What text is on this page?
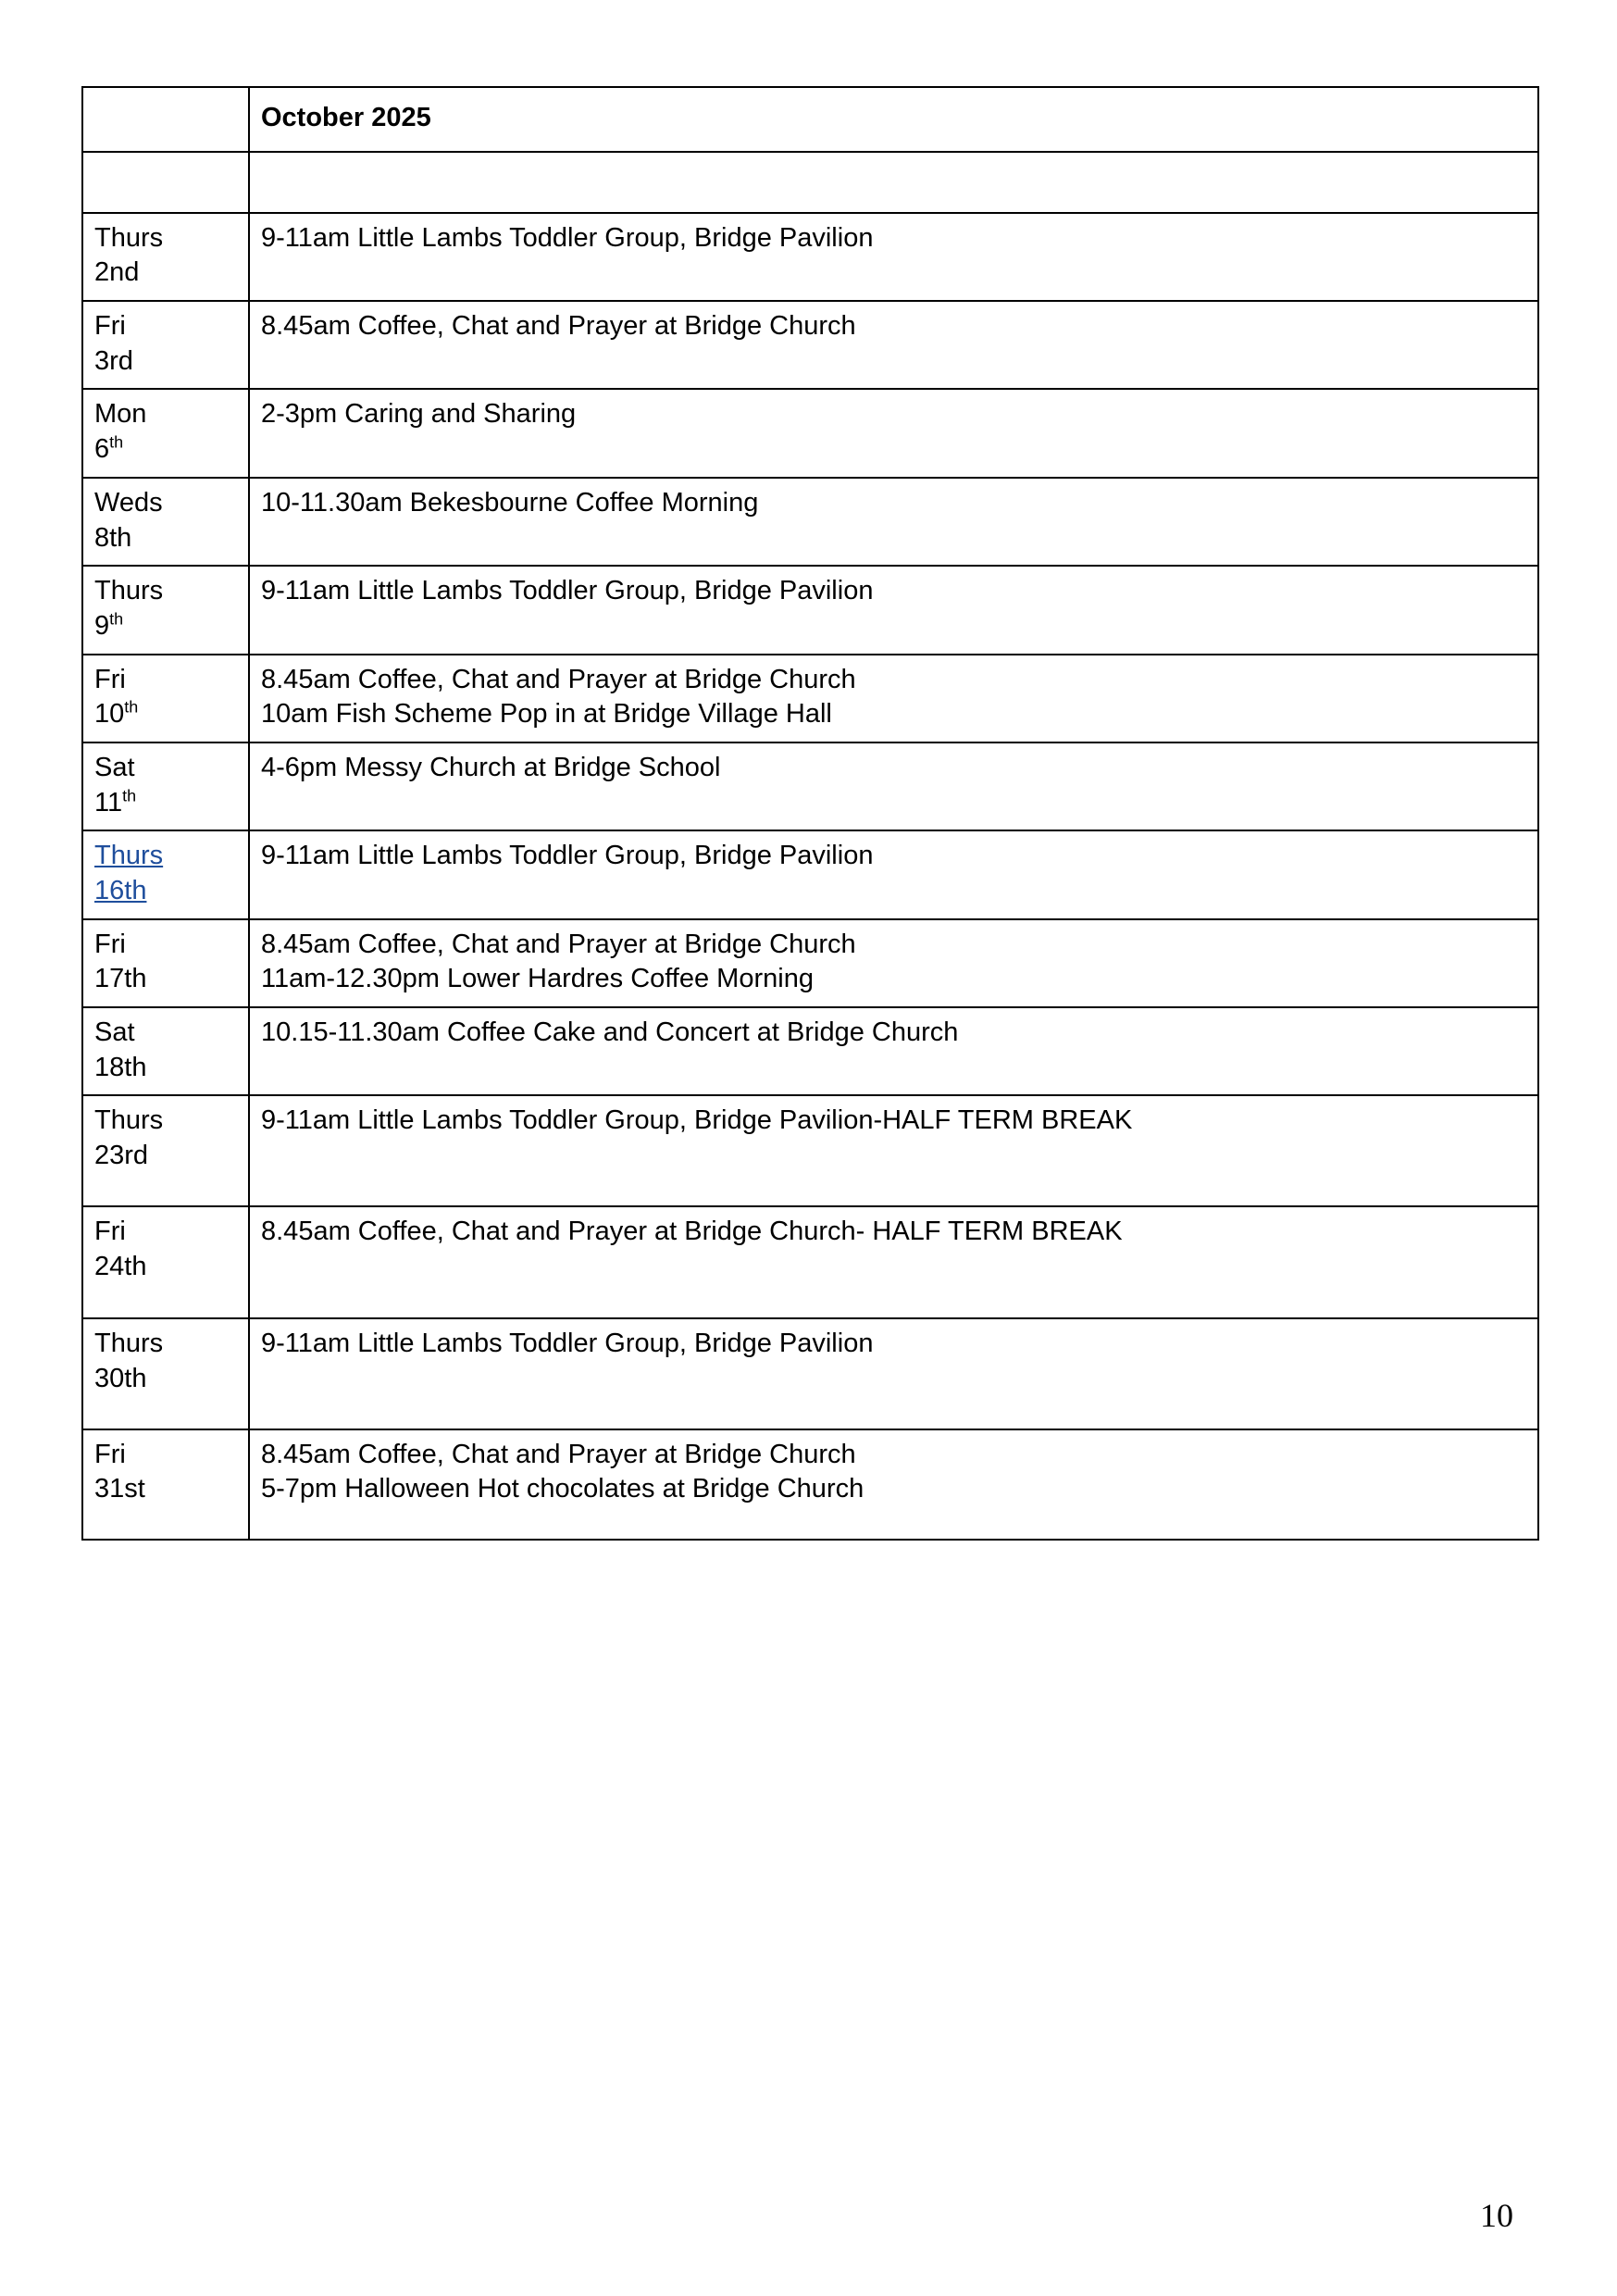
	October 2025

Thurs
2nd	9-11am Little Lambs Toddler Group, Bridge Pavilion

Fri
3rd	8.45am Coffee, Chat and Prayer at Bridge Church

Mon
6th	2-3pm Caring and Sharing

Weds
8th	10-11.30am Bekesbourne Coffee Morning

Thurs
9th	9-11am Little Lambs Toddler Group, Bridge Pavilion

Fri
10th	8.45am Coffee, Chat and Prayer at Bridge Church
10am Fish Scheme Pop in at Bridge Village Hall

Sat
11th	4-6pm Messy Church at Bridge School

Thurs
16th	9-11am Little Lambs Toddler Group, Bridge Pavilion

Fri
17th	8.45am Coffee, Chat and Prayer at Bridge Church
11am-12.30pm Lower Hardres Coffee Morning

Sat
18th	10.15-11.30am Coffee Cake and Concert at Bridge Church

Thurs
23rd	9-11am Little Lambs Toddler Group, Bridge Pavilion-HALF TERM BREAK

Fri
24th	8.45am Coffee, Chat and Prayer at Bridge Church- HALF TERM BREAK

Thurs
30th	9-11am Little Lambs Toddler Group, Bridge Pavilion

Fri
31st	8.45am Coffee, Chat and Prayer at Bridge Church
5-7pm Halloween Hot chocolates at Bridge Church
10
